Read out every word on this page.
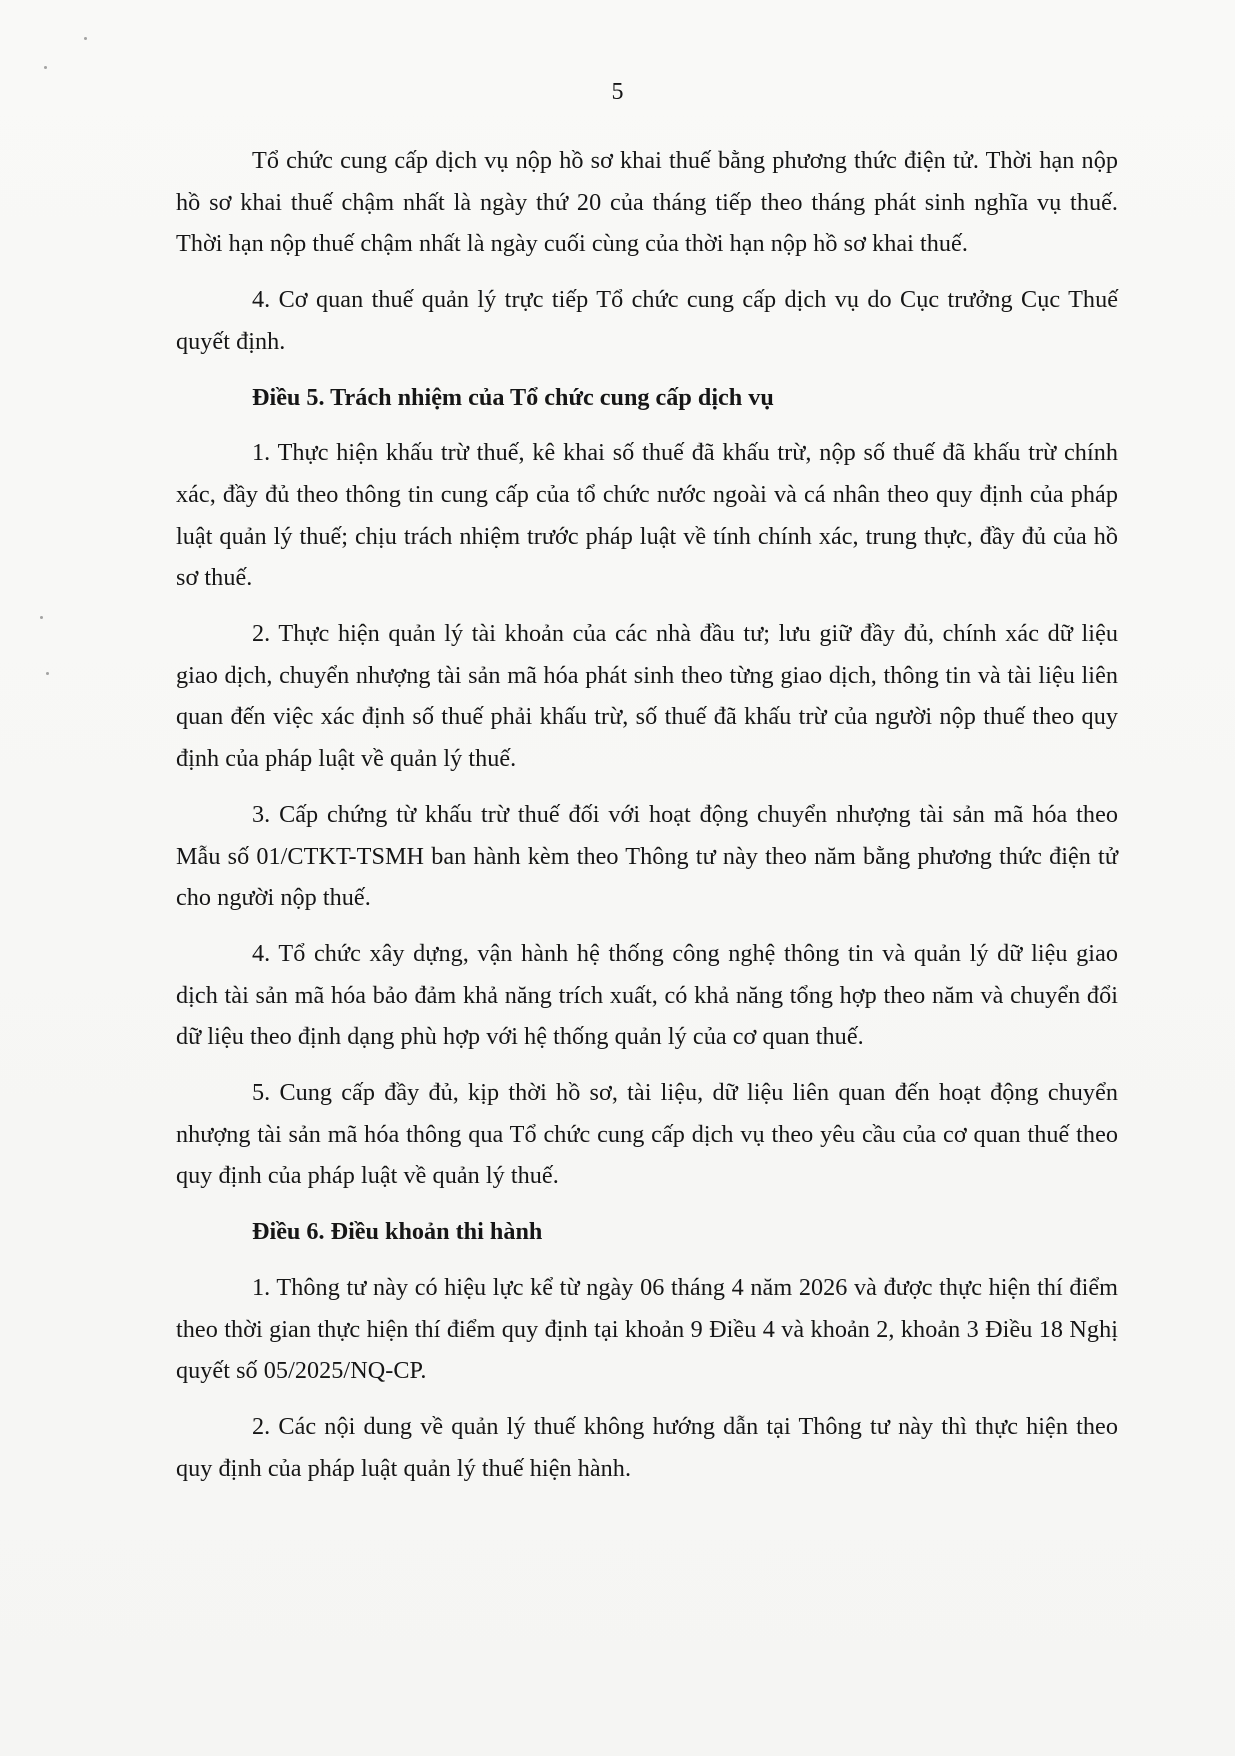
5

Tổ chức cung cấp dịch vụ nộp hồ sơ khai thuế bằng phương thức điện tử. Thời hạn nộp hồ sơ khai thuế chậm nhất là ngày thứ 20 của tháng tiếp theo tháng phát sinh nghĩa vụ thuế. Thời hạn nộp thuế chậm nhất là ngày cuối cùng của thời hạn nộp hồ sơ khai thuế.

4. Cơ quan thuế quản lý trực tiếp Tổ chức cung cấp dịch vụ do Cục trưởng Cục Thuế quyết định.

Điều 5. Trách nhiệm của Tổ chức cung cấp dịch vụ

1. Thực hiện khấu trừ thuế, kê khai số thuế đã khấu trừ, nộp số thuế đã khấu trừ chính xác, đầy đủ theo thông tin cung cấp của tổ chức nước ngoài và cá nhân theo quy định của pháp luật quản lý thuế; chịu trách nhiệm trước pháp luật về tính chính xác, trung thực, đầy đủ của hồ sơ thuế.

2. Thực hiện quản lý tài khoản của các nhà đầu tư; lưu giữ đầy đủ, chính xác dữ liệu giao dịch, chuyển nhượng tài sản mã hóa phát sinh theo từng giao dịch, thông tin và tài liệu liên quan đến việc xác định số thuế phải khấu trừ, số thuế đã khấu trừ của người nộp thuế theo quy định của pháp luật về quản lý thuế.

3. Cấp chứng từ khấu trừ thuế đối với hoạt động chuyển nhượng tài sản mã hóa theo Mẫu số 01/CTKT-TSMH ban hành kèm theo Thông tư này theo năm bằng phương thức điện tử cho người nộp thuế.

4. Tổ chức xây dựng, vận hành hệ thống công nghệ thông tin và quản lý dữ liệu giao dịch tài sản mã hóa bảo đảm khả năng trích xuất, có khả năng tổng hợp theo năm và chuyển đổi dữ liệu theo định dạng phù hợp với hệ thống quản lý của cơ quan thuế.

5. Cung cấp đầy đủ, kịp thời hồ sơ, tài liệu, dữ liệu liên quan đến hoạt động chuyển nhượng tài sản mã hóa thông qua Tổ chức cung cấp dịch vụ theo yêu cầu của cơ quan thuế theo quy định của pháp luật về quản lý thuế.

Điều 6. Điều khoản thi hành

1. Thông tư này có hiệu lực kể từ ngày 06 tháng 4 năm 2026 và được thực hiện thí điểm theo thời gian thực hiện thí điểm quy định tại khoản 9 Điều 4 và khoản 2, khoản 3 Điều 18 Nghị quyết số 05/2025/NQ-CP.

2. Các nội dung về quản lý thuế không hướng dẫn tại Thông tư này thì thực hiện theo quy định của pháp luật quản lý thuế hiện hành.
